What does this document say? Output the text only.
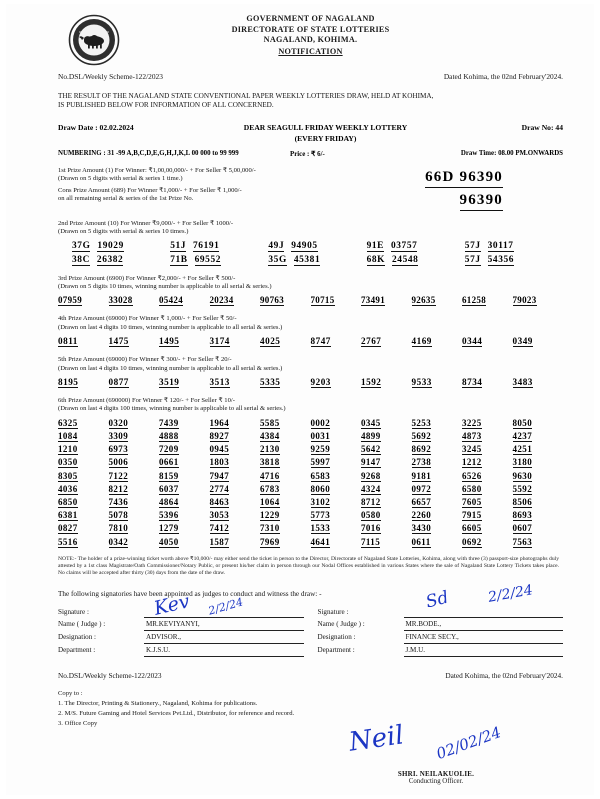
GOVERNMENT OF NAGALAND
DIRECTORATE OF STATE LOTTERIES
NAGALAND, KOHIMA.
NOTIFICATION
No.DSL/Weekly Scheme-122/2023	Dated Kohima, the 02nd February'2024.
THE RESULT OF THE NAGALAND STATE CONVENTIONAL PAPER WEEKLY LOTTERIES DRAW, HELD AT KOHIMA,
IS PUBLISHED BELOW FOR INFORMATION OF ALL CONCERNED.
Draw Date : 02.02.2024	DEAR SEAGULL FRIDAY WEEKLY LOTTERY
(EVERY FRIDAY)
Draw No: 44
NUMBERING : 31 -99 A,B,C,D,E,G,H,J,K,L 00 000 to 99 999	Price : ₹ 6/-	Draw Time: 08.00 PM.ONWARDS
1st Prize Amount (1) For Winner: ₹1,00,00,000/- + For Seller ₹ 5,00,000/-
(Drawn on 5 digits with serial & series 1 time.)
Cons Prize Amount (689) For Winner ₹1,000/- + For Seller ₹ 1,000/-
on all remaining serial & series of the 1st Prize No.
66D 96390
96390
2nd Prize Amount (10) For Winner ₹9,000/- + For Seller ₹ 1000/-
(Drawn on 5 digits with serial & series 10 times.)
37G 19029	51J 76191	49J 94905	91E 03757	57J 30117
38C 26382	71B 69552	35G 45381	68K 24548	57J 54356
3rd Prize Amount (6900) For Winner ₹2,000/- + For Seller ₹ 500/-
(Drawn on 5 digits 10 times, winning number is applicable to all serial & series.)
07959	33028	05424	20234	90763	70715	73491	92635	61258	79023
4th Prize Amount (69000) For Winner ₹ 1,000/- + For Seller ₹ 50/-
(Drawn on last 4 digits 10 times, winning number is applicable to all serial & series.)
0811	1475	1495	3174	4025	8747	2767	4169	0344	0349
5th Prize Amount (69000) For Winner ₹ 300/- + For Seller ₹ 20/-
(Drawn on last 4 digits 10 times, winning number is applicable to all serial & series.)
8195	0877	3519	3513	5335	9203	1592	9533	8734	3483
6th Prize Amount (690000) For Winner ₹ 120/- + For Seller ₹ 10/-
(Drawn on last 4 digits 100 times, winning number is applicable to all serial & series.)
6325	0320	7439	1964	5585	0002	0345	5253	3225	8050
1084	3309	4888	8927	4384	0031	4899	5692	4873	4237
1210	6973	7209	0945	2130	9259	5642	8692	3245	4251
0350	5006	0661	1803	3818	5997	9147	2738	1212	3180
8305	7122	8159	7947	4716	6583	9268	9181	6526	9630
4036	8212	6037	2774	6783	8060	4324	0972	6580	5592
6850	7436	4864	8463	1064	3102	8712	6657	7605	8506
6381	5078	5396	3053	1229	5773	0580	2260	7915	8693
0827	7810	1279	7412	7310	1533	7016	3430	6605	0607
5516	0342	4050	1587	7969	4641	7115	0611	0692	7563
NOTE:- The holder of a prize-winning ticket worth above ₹10,000/- may either send the ticket in person to the Director, Directorate of Nagaland State Lotteries, Kohima, along with three (3) passport-size photographs duly attested by a 1st class Magistrate/Oath Commissioner/Notary Public, or present his/her claim in person through our Nodal Offices established in various States where the sale of Nagaland State Lottery Tickets takes place. No claims will be accepted after thirty (30) days from the date of the draw.
The following signatories have been appointed as judges to conduct and witness the draw: -
Signature :
Name ( Judge ) :	MR.KEVIYANYI,
Designation :	ADVISOR.,
Department :	K.J.S.U.
Kev 2/2/24	Signature :
Name ( Judge ) :	MR.BODE.,
Designation :	FINANCE SECY.,
Department :	J.M.U.
Sd	2/2/24
No.DSL/Weekly Scheme-122/2023	Dated Kohima, the 02nd February'2024.
Copy to :
1. The Director, Printing & Stationery., Nagaland, Kohima for publications.
2. M/S. Future Gaming and Hotel Services Pvt.Ltd., Distributor, for reference and record.
3. Office Copy	Neil 02/02/24
SHRI. NEILAKUOLIE.
Conducting Officer.
